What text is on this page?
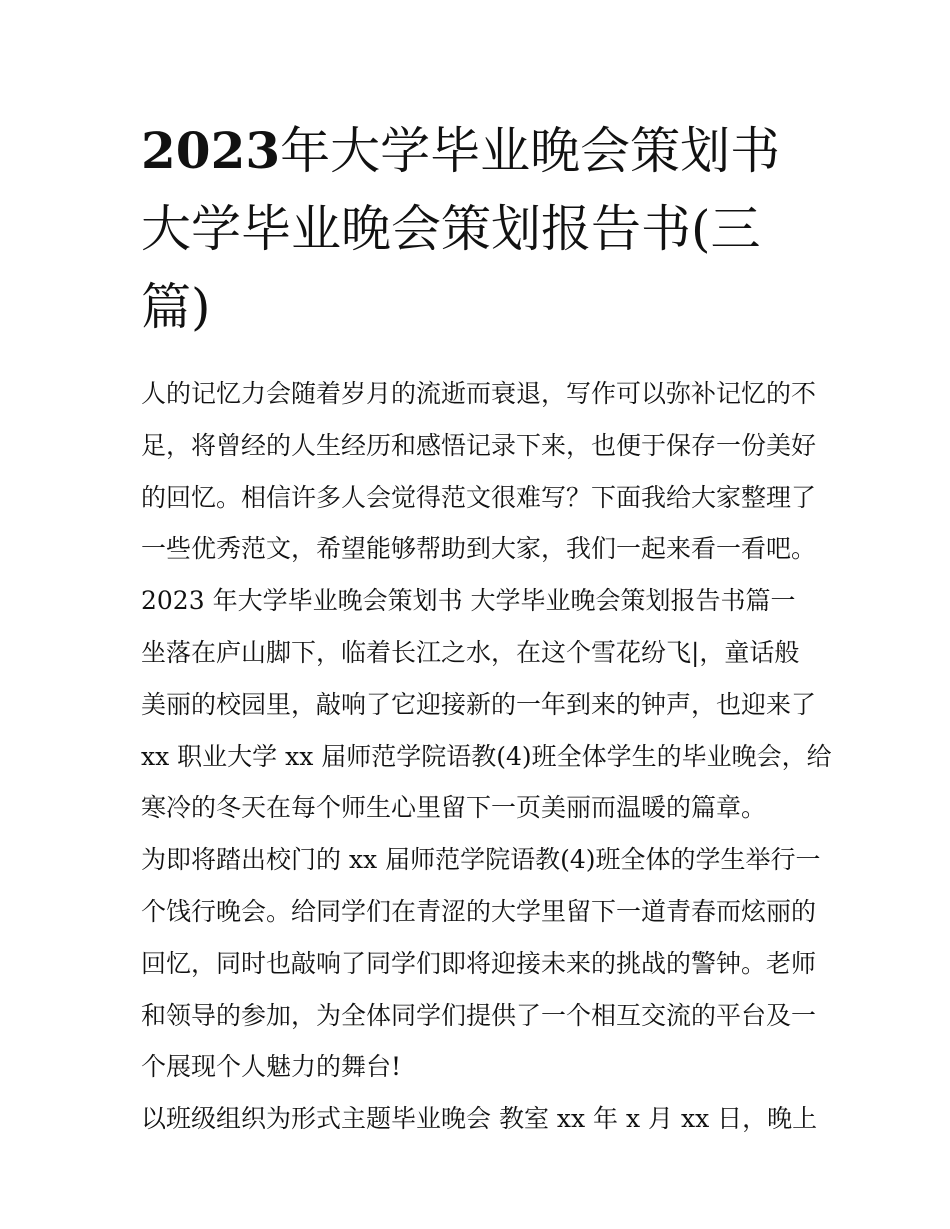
2023年大学毕业晚会策划书
大学毕业晚会策划报告书(三
篇)
人的记忆力会随着岁月的流逝而衰退，写作可以弥补记忆的不
足，将曾经的人生经历和感悟记录下来，也便于保存一份美好
的回忆。相信许多人会觉得范文很难写？下面我给大家整理了
一些优秀范文，希望能够帮助到大家，我们一起来看一看吧。
2023 年大学毕业晚会策划书 大学毕业晚会策划报告书篇一
坐落在庐山脚下，临着长江之水，在这个雪花纷飞|，童话般
美丽的校园里，敲响了它迎接新的一年到来的钟声，也迎来了
xx 职业大学 xx 届师范学院语教(4)班全体学生的毕业晚会，给
寒冷的冬天在每个师生心里留下一页美丽而温暖的篇章。
为即将踏出校门的 xx 届师范学院语教(4)班全体的学生举行一
个饯行晚会。给同学们在青涩的大学里留下一道青春而炫丽的
回忆，同时也敲响了同学们即将迎接未来的挑战的警钟。老师
和领导的参加，为全体同学们提供了一个相互交流的平台及一
个展现个人魅力的舞台!
以班级组织为形式主题毕业晚会 教室 xx 年 x 月 xx 日，晚上
